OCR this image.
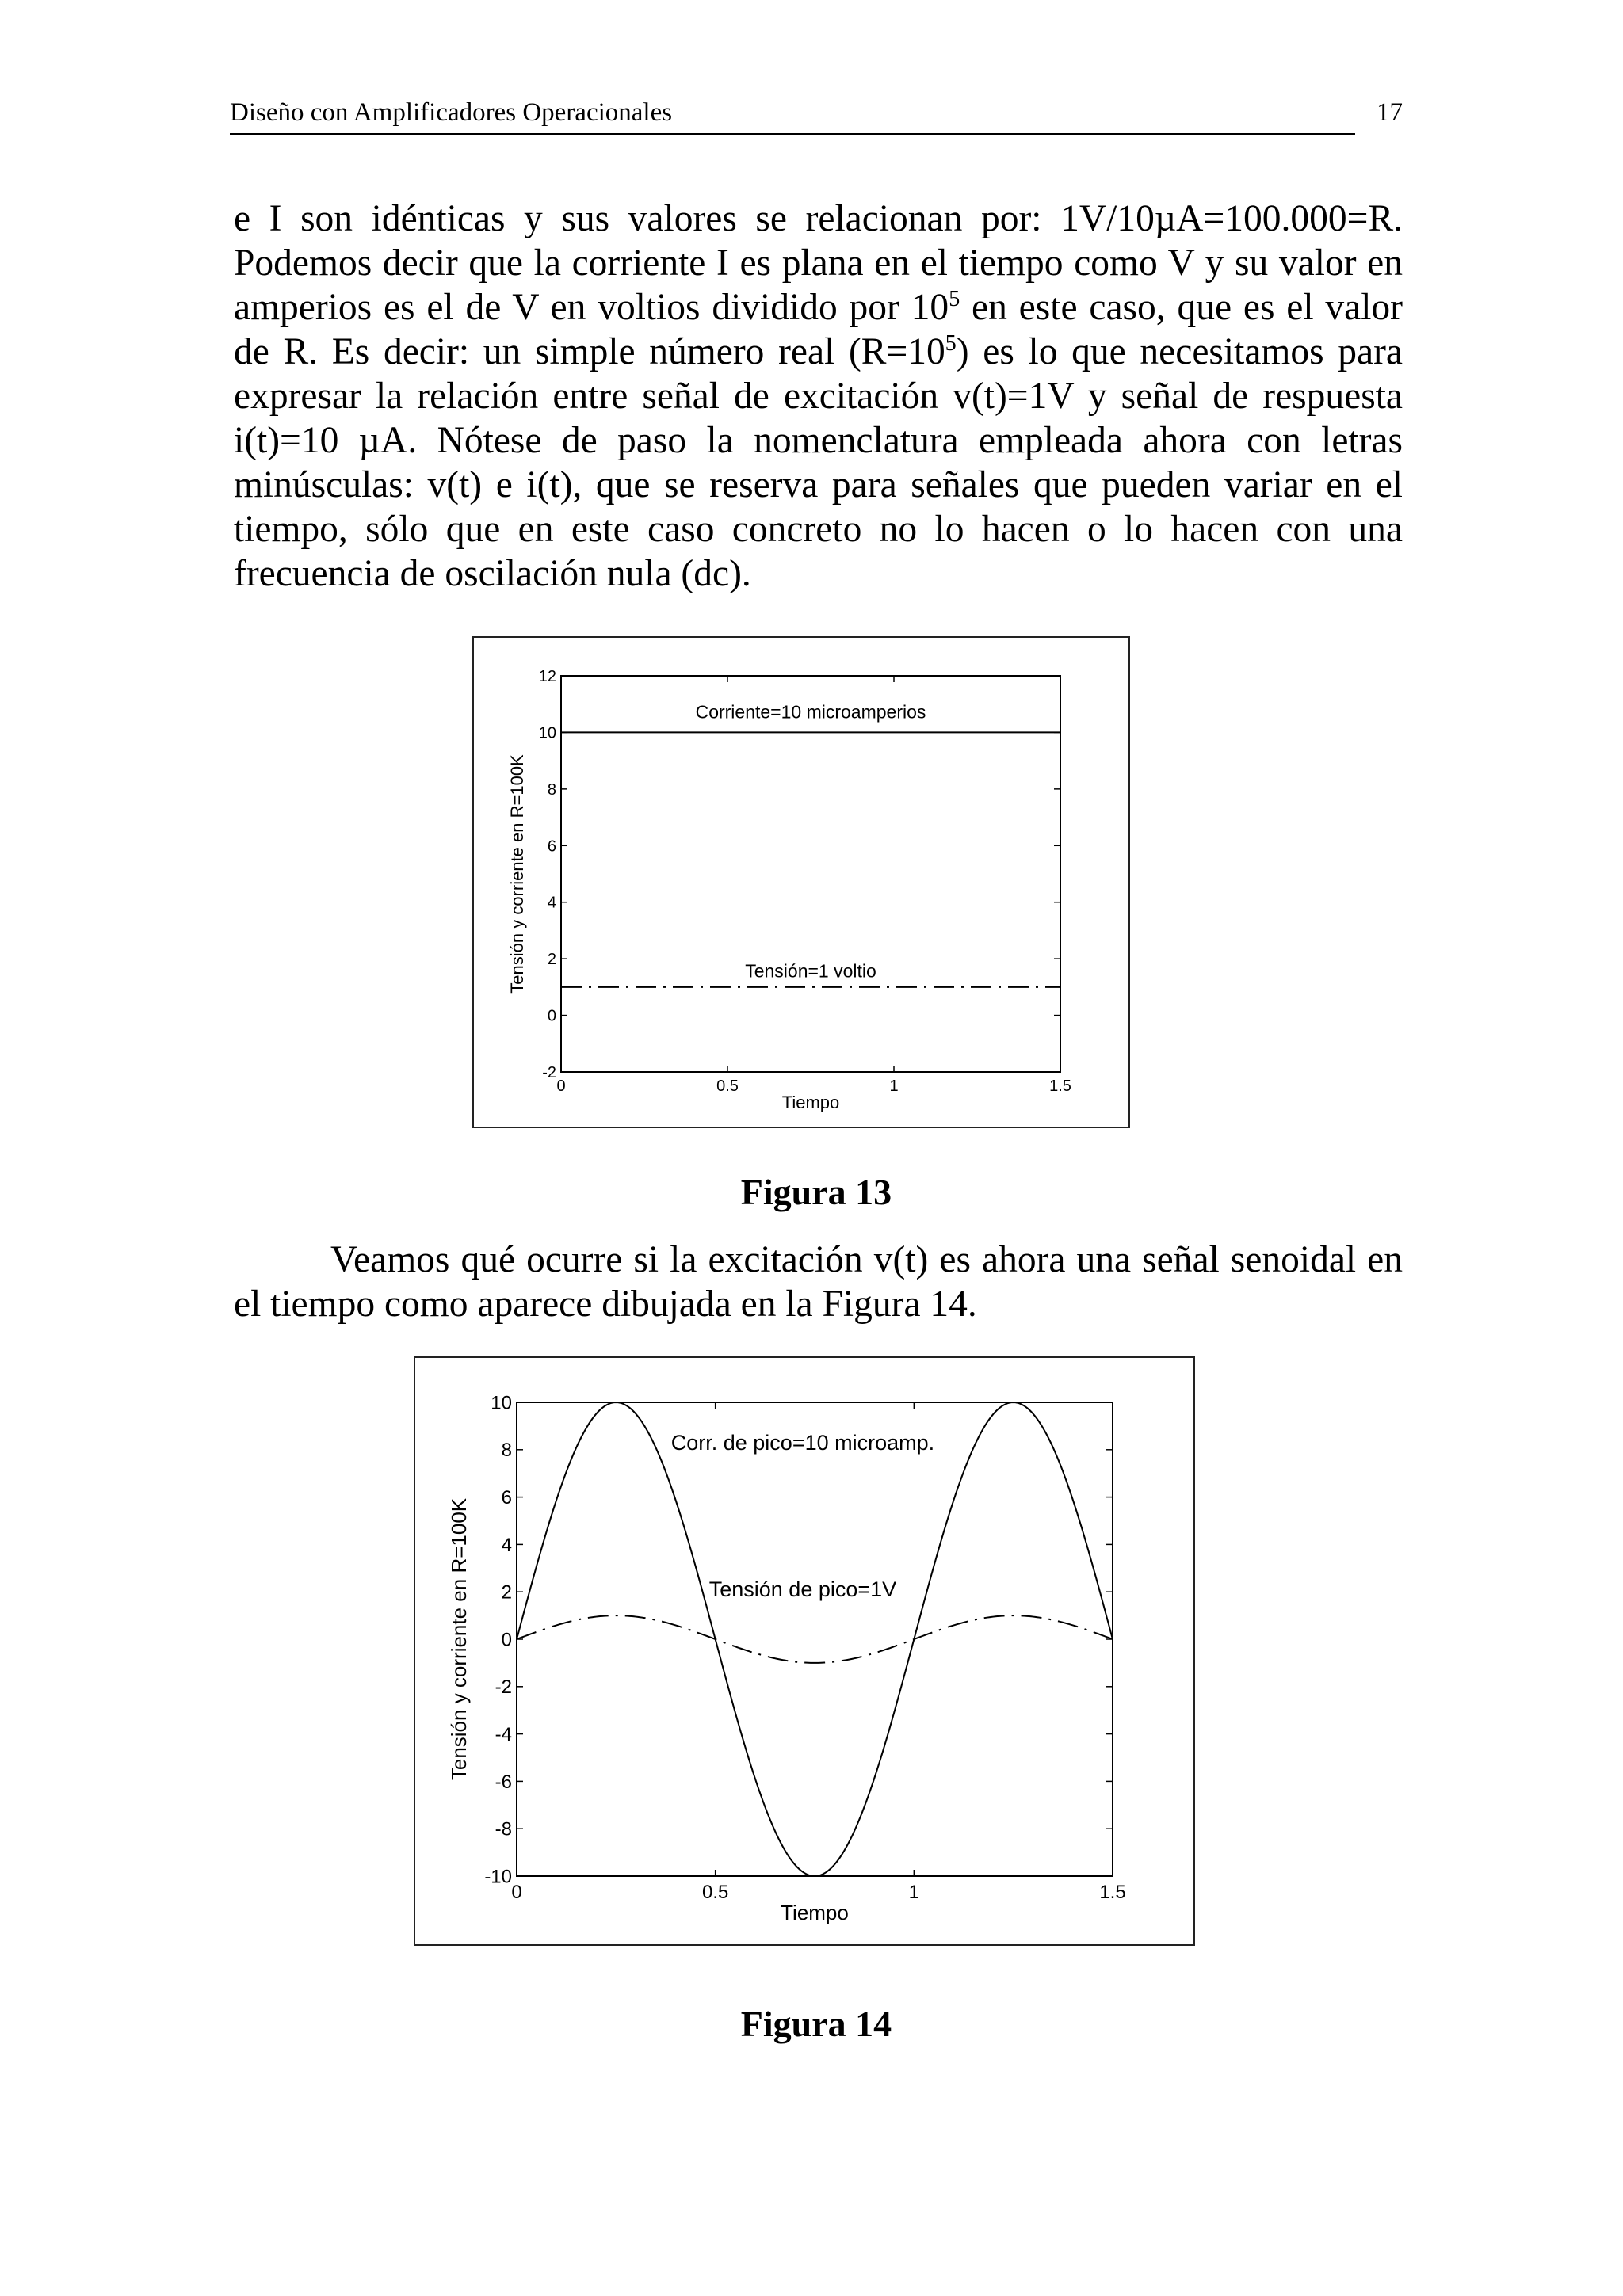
Diseño con Amplificadores Operacionales	17

e I son idénticas y sus valores se relacionan por: 1V/10µA=100.000=R. Podemos decir que la corriente I es plana en el tiempo como V y su valor en amperios es el de V en voltios dividido por $10^5$ en este caso, que es el valor de R. Es decir: un simple número real $(R=10^5)$ es lo que necesitamos para expresar la relación entre señal de excitación v(t)=1V y señal de respuesta i(t)=10 µA. Nótese de paso la nomenclatura empleada ahora con letras minúsculas: v(t) e i(t), que se reserva para señales que pueden variar en el tiempo, sólo que en este caso concreto no lo hacen o lo hacen con una frecuencia de oscilación nula (dc).

0	0.5	1	1.5
-2
0
2
4
6
8
10
12
Tiempo
Tensión y corriente en R=100K
Corriente=10 microamperios
Tensión=1 voltio
Figura 13

Veamos qué ocurre si la excitación v(t) es ahora una señal senoidal en el tiempo como aparece dibujada en la Figura 14.

0	0.5	1	1.5
-10
-8
-6
-4
-2
0
2
4
6
8
10
Tiempo
Tensión y corriente en R=100K
Corr. de pico=10 microamp.
Tensión de pico=1V
Figura 14
